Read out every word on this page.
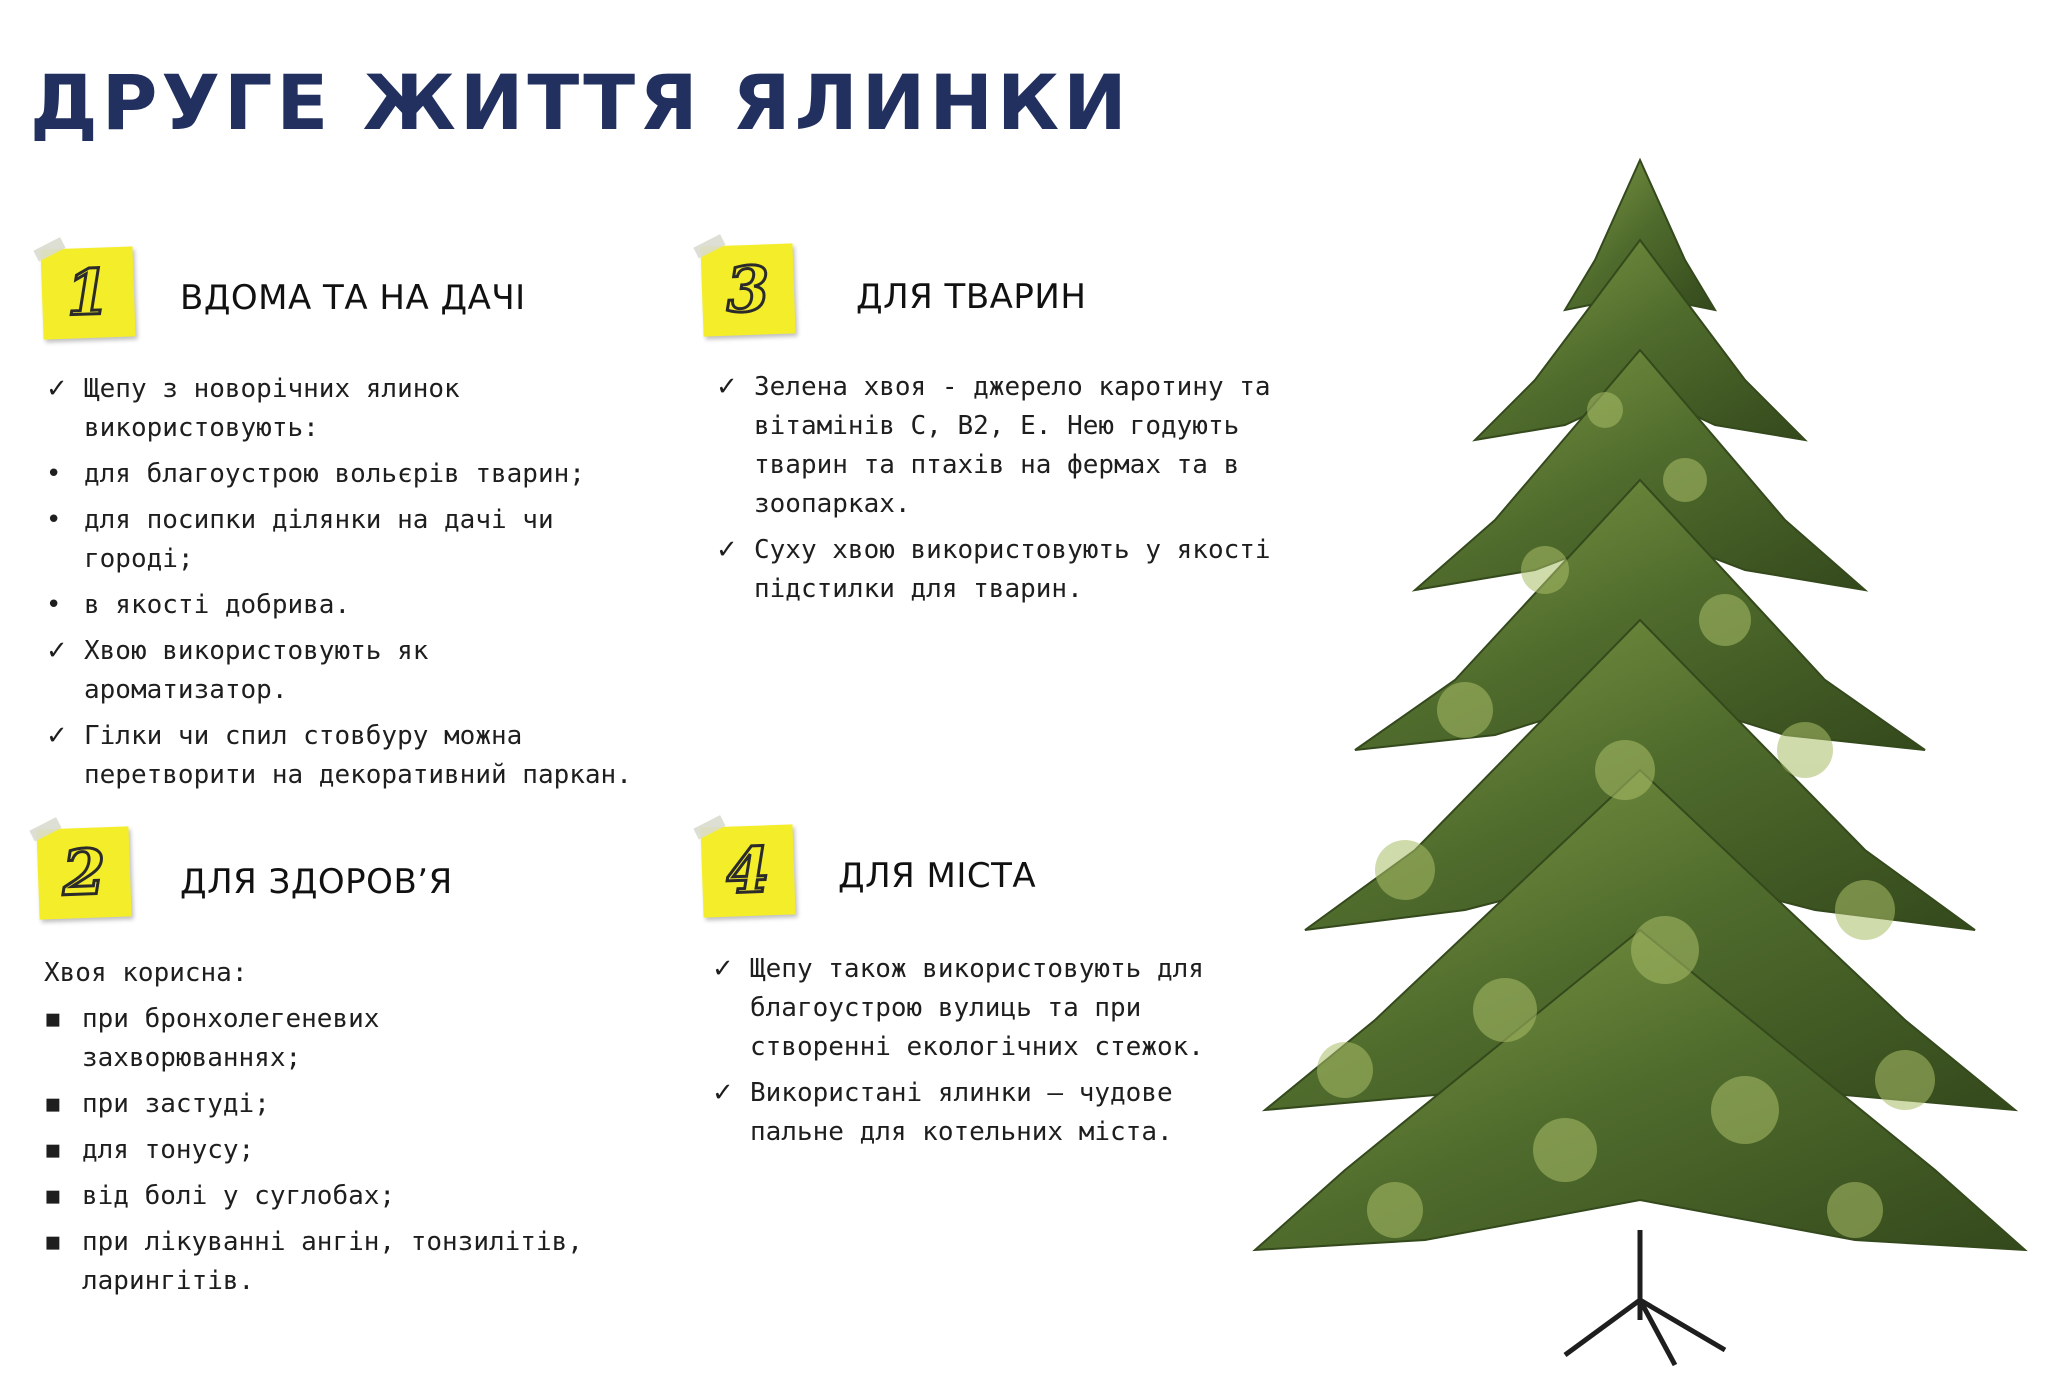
ДРУГЕ ЖИТТЯ ЯЛИНКИ
1	ВДОМА ТА НА ДАЧІ
✓ Щепу з новорічних ялинок
використовують:
• для благоустрою вольєрів тварин;
• для посипки ділянки на дачі чи
городі;
• в якості добрива.
✓ Хвою використовують як
ароматизатор.
✓ Гілки чи спил стовбуру можна
перетворити на декоративний паркан.
2	ДЛЯ ЗДОРОВ’Я
Хвоя корисна:
▪ при бронхолегеневих
захворюваннях;
▪ при застуді;
▪ для тонусу;
▪ від болі у суглобах;
▪ при лікуванні ангін, тонзилітів,
ларингітів.
3	ДЛЯ ТВАРИН
✓ Зелена хвоя - джерело каротину та
вітамінів С, В2, Е. Нею годують
тварин та птахів на фермах та в
зоопарках.
✓ Суху хвою використовують у якості
підстилки для тварин.
4	ДЛЯ МІСТА
✓ Щепу також використовують для
благоустрою вулиць та при
створенні екологічних стежок.
✓ Використані ялинки – чудове
пальне для котельних міста.
